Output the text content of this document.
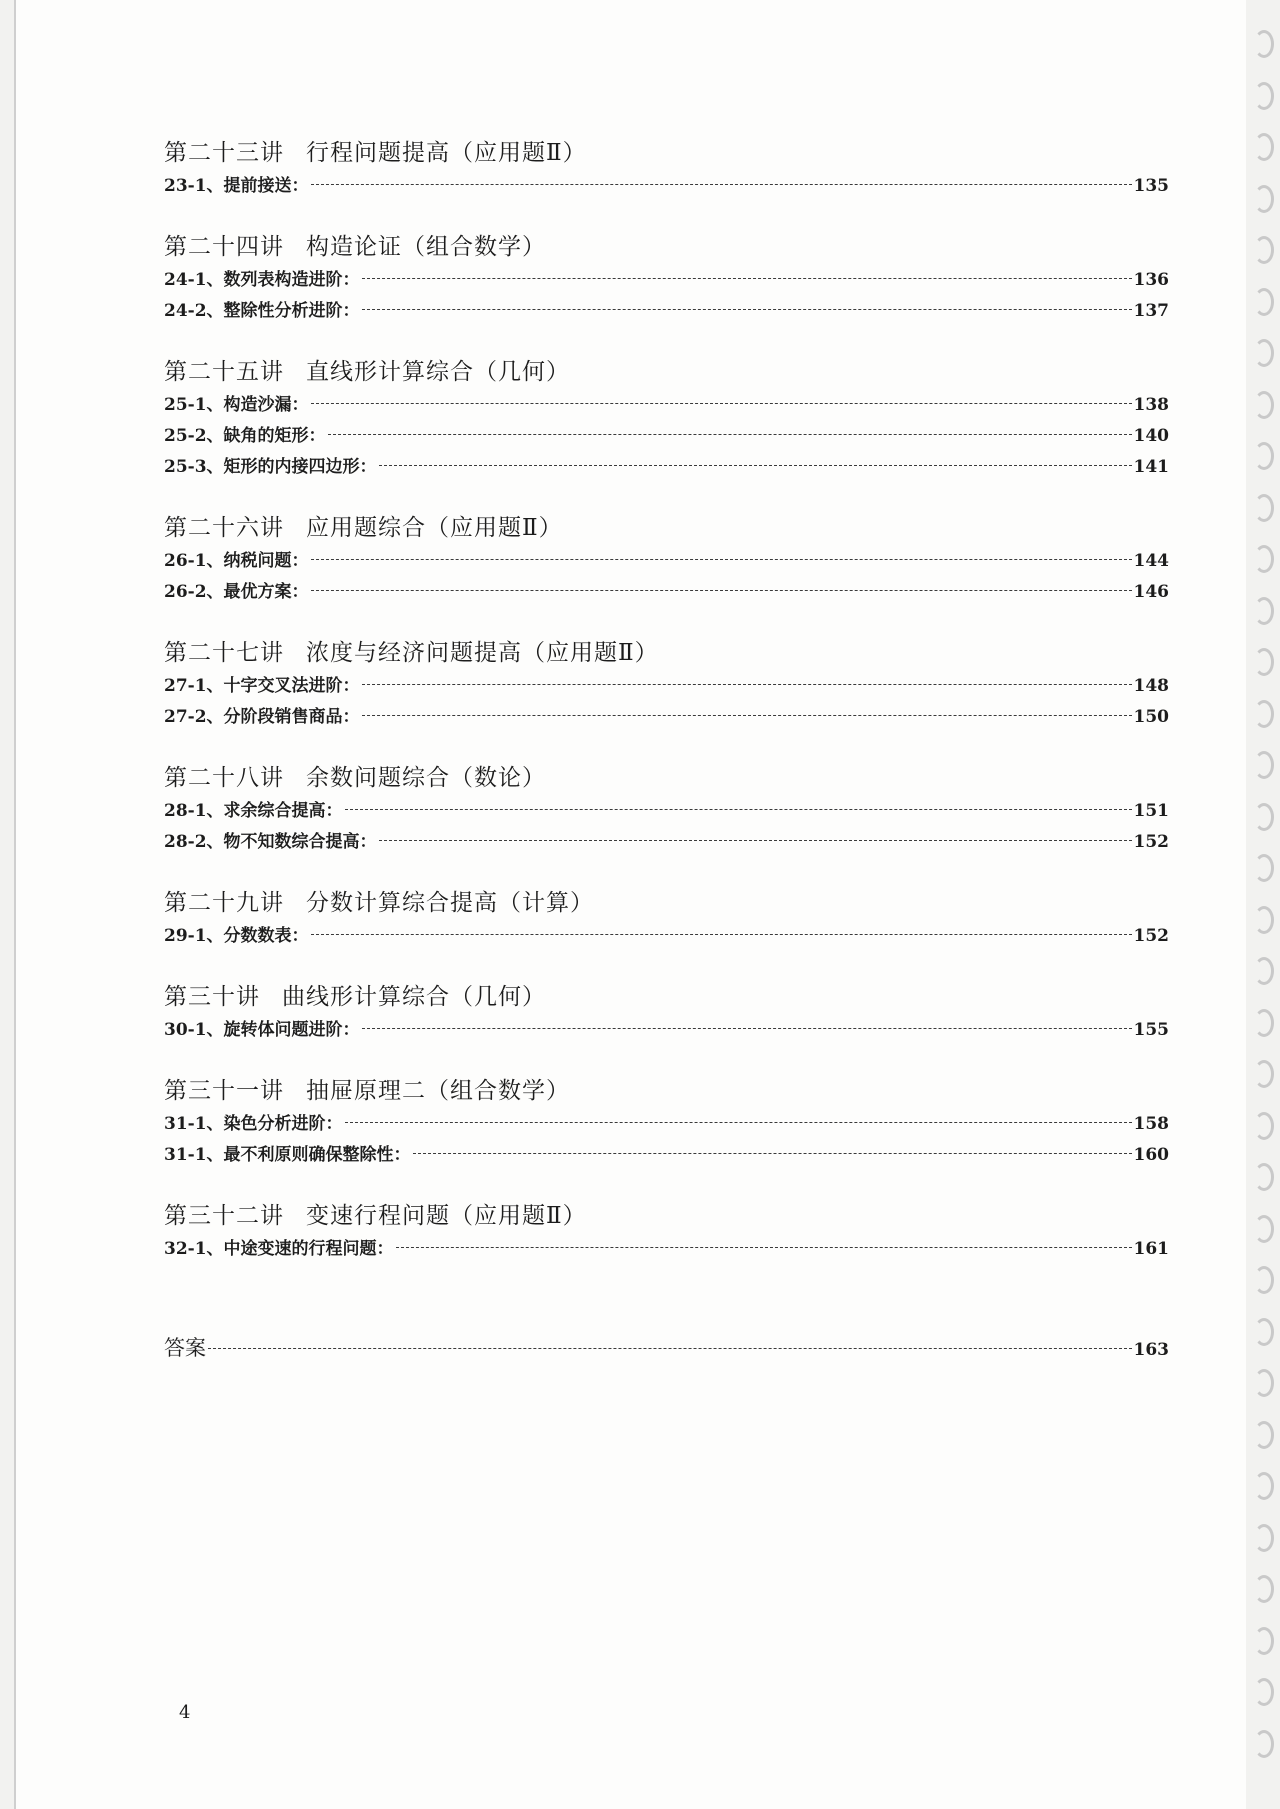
第二十三讲 行程问题提高（应用题Ⅱ）
23-1、提前接送：	135
第二十四讲 构造论证（组合数学）
24-1、数列表构造进阶：	136
24-2、整除性分析进阶：	137
第二十五讲 直线形计算综合（几何）
25-1、构造沙漏：	138
25-2、缺角的矩形：	140
25-3、矩形的内接四边形：	141
第二十六讲 应用题综合（应用题Ⅱ）
26-1、纳税问题：	144
26-2、最优方案：	146
第二十七讲 浓度与经济问题提高（应用题Ⅱ）
27-1、十字交叉法进阶：	148
27-2、分阶段销售商品：	150
第二十八讲 余数问题综合（数论）
28-1、求余综合提高：	151
28-2、物不知数综合提高：	152
第二十九讲 分数计算综合提高（计算）
29-1、分数数表：	152
第三十讲 曲线形计算综合（几何）
30-1、旋转体问题进阶：	155
第三十一讲 抽屉原理二（组合数学）
31-1、染色分析进阶：	158
31-1、最不利原则确保整除性：	160
第三十二讲 变速行程问题（应用题Ⅱ）
32-1、中途变速的行程问题：	161
答案	163
4
